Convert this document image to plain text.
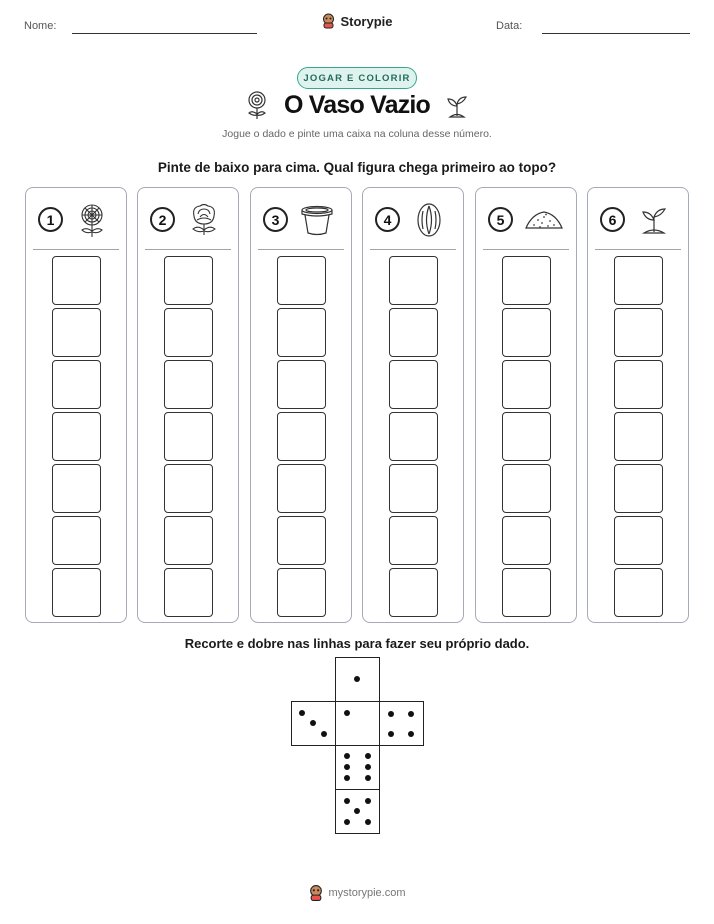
Nome:	Storypie	Data:
JOGAR E COLORIR
O Vaso Vazio
Jogue o dado e pinte uma caixa na coluna desse número.
Pinte de baixo para cima. Qual figura chega primeiro ao topo?
1	2	3	4	5	6
Recorte e dobre nas linhas para fazer seu próprio dado.
mystorypie.com
